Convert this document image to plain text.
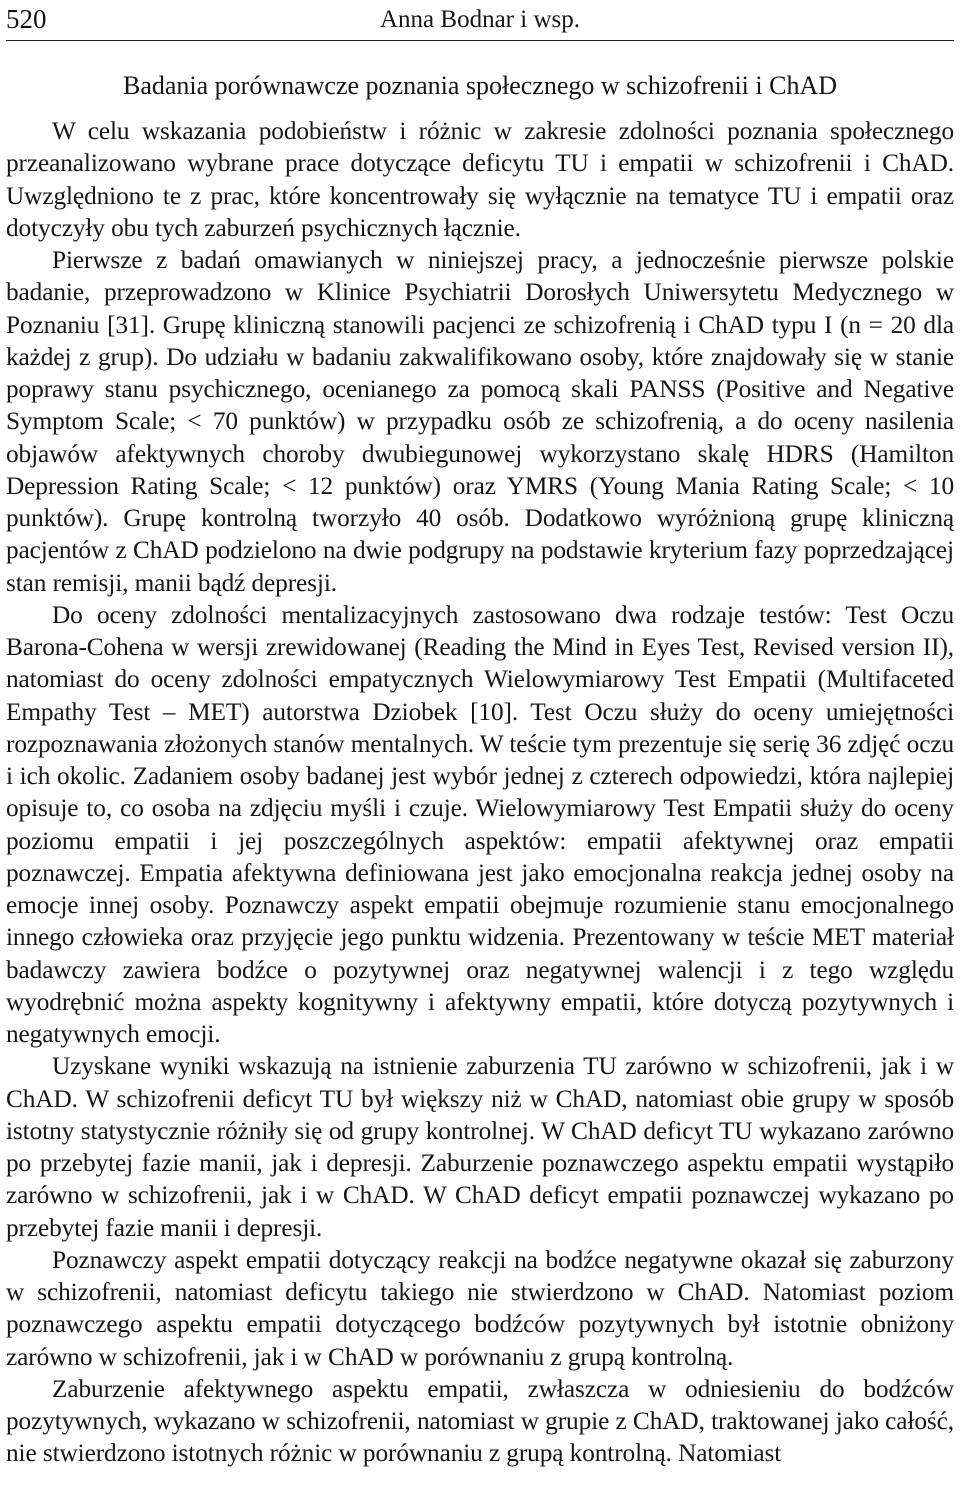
520	Anna Bodnar i wsp.
Badania porównawcze poznania społecznego w schizofrenii i ChAD

W celu wskazania podobieństw i różnic w zakresie zdolności poznania społecznego przeanalizowano wybrane prace dotyczące deficytu TU i empatii w schizofrenii i ChAD. Uwzględniono te z prac, które koncentrowały się wyłącznie na tematyce TU i empatii oraz dotyczyły obu tych zaburzeń psychicznych łącznie.

Pierwsze z badań omawianych w niniejszej pracy, a jednocześnie pierwsze polskie badanie, przeprowadzono w Klinice Psychiatrii Dorosłych Uniwersytetu Medycznego w Poznaniu [31]. Grupę kliniczną stanowili pacjenci ze schizofrenią i ChAD typu I (n = 20 dla każdej z grup). Do udziału w badaniu zakwalifikowano osoby, które znajdowały się w stanie poprawy stanu psychicznego, ocenianego za pomocą skali PANSS (Positive and Negative Symptom Scale; < 70 punktów) w przypadku osób ze schizofrenią, a do oceny nasilenia objawów afektywnych choroby dwubiegunowej wykorzystano skalę HDRS (Hamilton Depression Rating Scale; < 12 punktów) oraz YMRS (Young Mania Rating Scale; < 10 punktów). Grupę kontrolną tworzyło 40 osób. Dodatkowo wyróżnioną grupę kliniczną pacjentów z ChAD podzielono na dwie podgrupy na podstawie kryterium fazy poprzedzającej stan remisji, manii bądź depresji.

Do oceny zdolności mentalizacyjnych zastosowano dwa rodzaje testów: Test Oczu Barona-Cohena w wersji zrewidowanej (Reading the Mind in Eyes Test, Revised version II), natomiast do oceny zdolności empatycznych Wielowymiarowy Test Empatii (Multifaceted Empathy Test – MET) autorstwa Dziobek [10]. Test Oczu służy do oceny umiejętności rozpoznawania złożonych stanów mentalnych. W teście tym prezentuje się serię 36 zdjęć oczu i ich okolic. Zadaniem osoby badanej jest wybór jednej z czterech odpowiedzi, która najlepiej opisuje to, co osoba na zdjęciu myśli i czuje. Wielowymiarowy Test Empatii służy do oceny poziomu empatii i jej poszczególnych aspektów: empatii afektywnej oraz empatii poznawczej. Empatia afektywna definiowana jest jako emocjonalna reakcja jednej osoby na emocje innej osoby. Poznawczy aspekt empatii obejmuje rozumienie stanu emocjonalnego innego człowieka oraz przyjęcie jego punktu widzenia. Prezentowany w teście MET materiał badawczy zawiera bodźce o pozytywnej oraz negatywnej walencji i z tego względu wyodrębnić można aspekty kognitywny i afektywny empatii, które dotyczą pozytywnych i negatywnych emocji.

Uzyskane wyniki wskazują na istnienie zaburzenia TU zarówno w schizofrenii, jak i w ChAD. W schizofrenii deficyt TU był większy niż w ChAD, natomiast obie grupy w sposób istotny statystycznie różniły się od grupy kontrolnej. W ChAD deficyt TU wykazano zarówno po przebytej fazie manii, jak i depresji. Zaburzenie poznawczego aspektu empatii wystąpiło zarówno w schizofrenii, jak i w ChAD. W ChAD deficyt empatii poznawczej wykazano po przebytej fazie manii i depresji.

Poznawczy aspekt empatii dotyczący reakcji na bodźce negatywne okazał się zaburzony w schizofrenii, natomiast deficytu takiego nie stwierdzono w ChAD. Natomiast poziom poznawczego aspektu empatii dotyczącego bodźców pozytywnych był istotnie obniżony zarówno w schizofrenii, jak i w ChAD w porównaniu z grupą kontrolną.

Zaburzenie afektywnego aspektu empatii, zwłaszcza w odniesieniu do bodźców pozytywnych, wykazano w schizofrenii, natomiast w grupie z ChAD, traktowanej jako całość, nie stwierdzono istotnych różnic w porównaniu z grupą kontrolną. Natomiast
